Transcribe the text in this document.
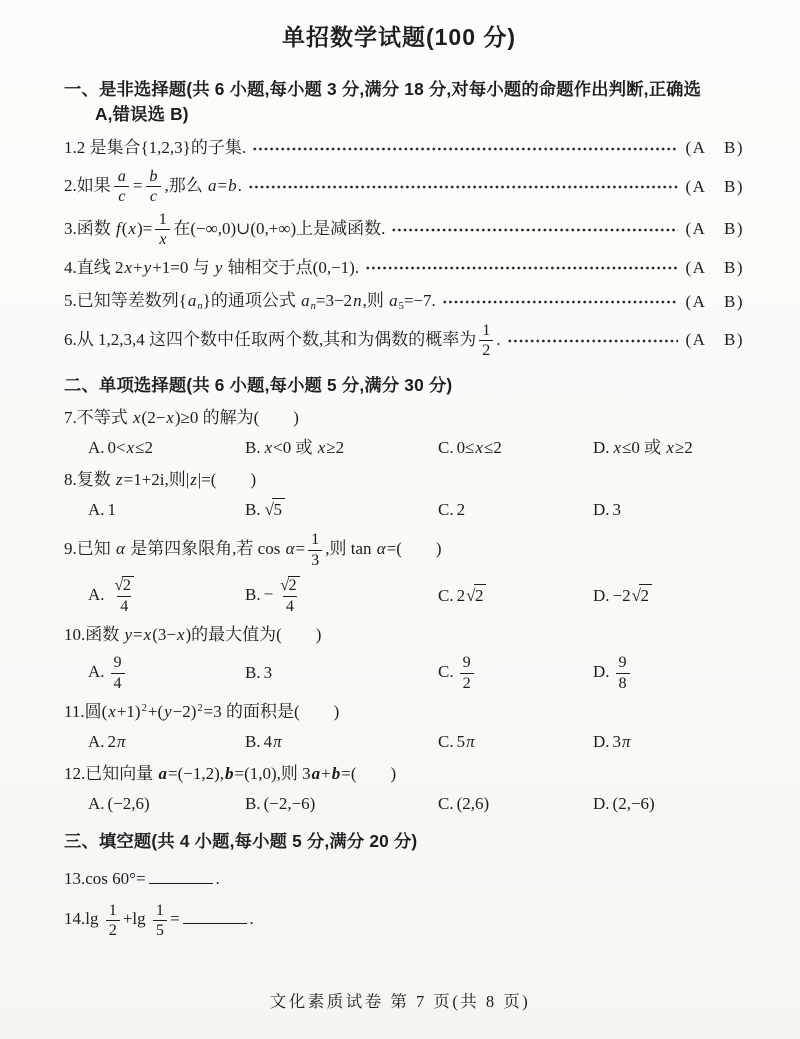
单招数学试题(100 分)
一、是非选择题(共 6 小题,每小题 3 分,满分 18 分,对每小题的命题作出判断,正确选
A,错误选 B)
1.2 是集合{1,2,3}的子集.	(A　B)
2.如果 $\frac{a}{c} = \frac{b}{c}$ ,那么 a=b.	(A　B)
3.函数 $f(x)= \frac{1}{x}$ 在(−∞,0)∪(0,+∞)上是减函数.	(A　B)
4.直线 2x+y+1=0 与 y 轴相交于点(0,−1).	(A　B)
5.已知等差数列$\{a_n\}$的通项公式 $a_n=3-2n$,则 $a_5=-7$.	(A　B)
6.从 1,2,3,4 这四个数中任取两个数,其和为偶数的概率为 $\frac{1}{2}$ .	(A　B)
二、单项选择题(共 6 小题,每小题 5 分,满分 30 分)
7.不等式 x(2−x)≥0 的解为(　　)
A. 0<x≤2	B. x<0 或 x≥2	C. 0≤x≤2	D. x≤0 或 x≥2
8.复数 z=1+2i,则|z|=(　　)
A. 1	B. √ 5	C. 2	D. 3
9.已知 α 是第四象限角,若 $\cos \alpha= \frac{1}{3}$ ,则 tan α=(　　)
A. $\frac{√ 2}{4}$	B. − $\frac{√ 2}{4}$	C. 2 √ 2	D. −2 √ 2
10.函数 y=x(3−x)的最大值为(　　)
A. $\frac{9}{4}$	B. 3	C. $\frac{9}{2}$	D. $\frac{9}{8}$
11.圆$(x+1)^2+(y-2)^2=3$ 的面积是(　　)
A. 2π	B. 4π	C. 5π	D. 3π
12.已知向量 a=(−1,2),b=(1,0),则 3a+b=(　　)
A. (−2,6)	B. (−2,−6)	C. (2,6)	D. (2,−6)
三、填空题(共 4 小题,每小题 5 分,满分 20 分)
13.cos 60°=	.
$14.\lg \frac{1}{2} +\lg \frac{1}{5}$ =	.
文化素质试卷 第 7 页(共 8 页)
